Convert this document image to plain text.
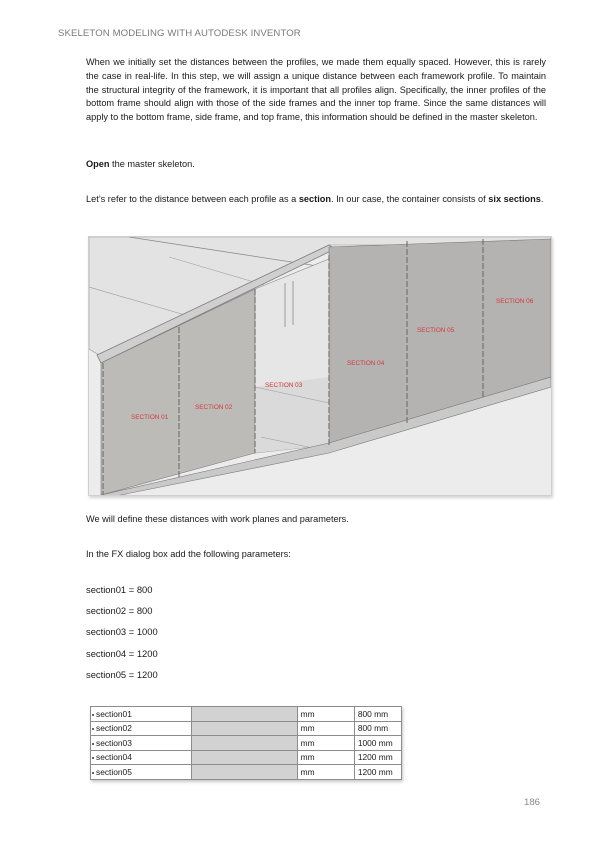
SKELETON MODELING WITH AUTODESK INVENTOR

When we initially set the distances between the profiles, we made them equally spaced. However, this is rarely the case in real-life. In this step, we will assign a unique distance between each framework profile. To maintain the structural integrity of the framework, it is important that all profiles align. Specifically, the inner profiles of the bottom frame should align with those of the side frames and the inner top frame. Since the same distances will apply to the bottom frame, side frame, and top frame, this information should be defined in the master skeleton.

Open the master skeleton.

Let’s refer to the distance between each profile as a section. In our case, the container consists of six sections.

SECTION 01
SECTION 02
SECTION 03
SECTION 04
SECTION 05
SECTION 06

We will define these distances with work planes and parameters.

In the FX dialog box add the following parameters:

section01 = 800

section02 = 800

section03 = 1000

section04 = 1200

section05 = 1200

section01		mm	800 mm
section02		mm	800 mm
section03		mm	1000 mm
section04		mm	1200 mm
section05		mm	1200 mm
186
